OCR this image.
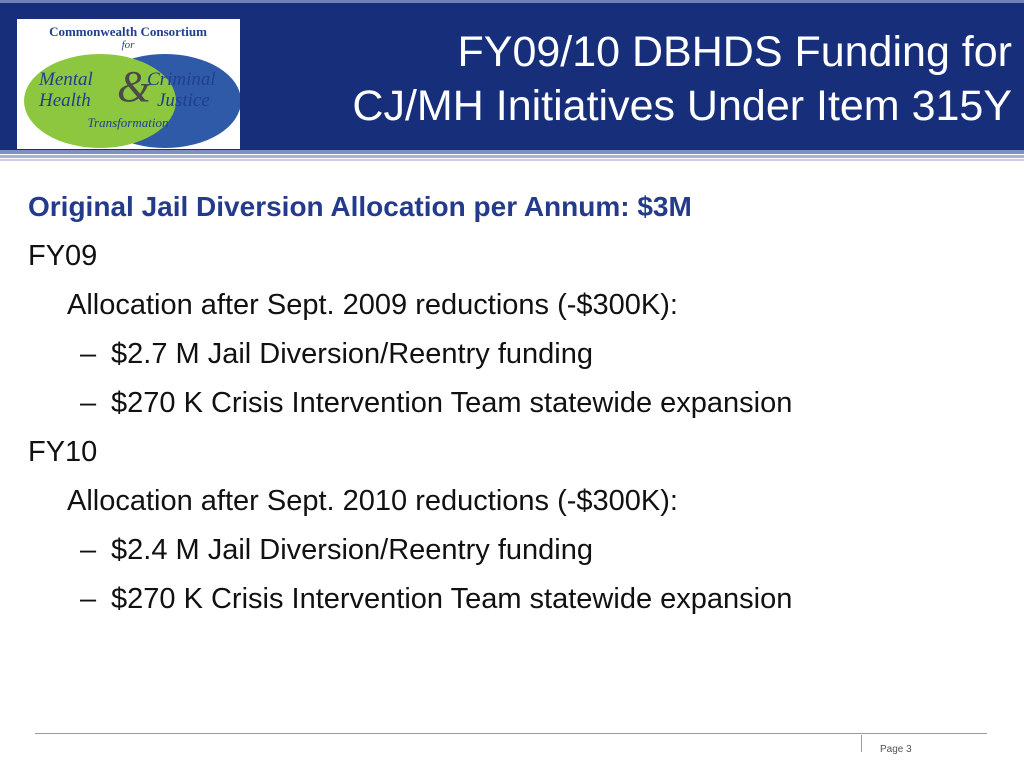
Commonwealth Consortium
for
Mental
Health &
Criminal
Justice
Transformation
FY09/10 DBHDS Funding for
CJ/MH Initiatives Under Item 315Y
Original Jail Diversion Allocation per Annum: $3M
FY09
Allocation after Sept. 2009 reductions (-$300K):
– $2.7 M Jail Diversion/Reentry funding
– $270 K Crisis Intervention Team statewide expansion
FY10
Allocation after Sept. 2010 reductions (-$300K):
– $2.4 M Jail Diversion/Reentry funding
– $270 K Crisis Intervention Team statewide expansion
Page 3
